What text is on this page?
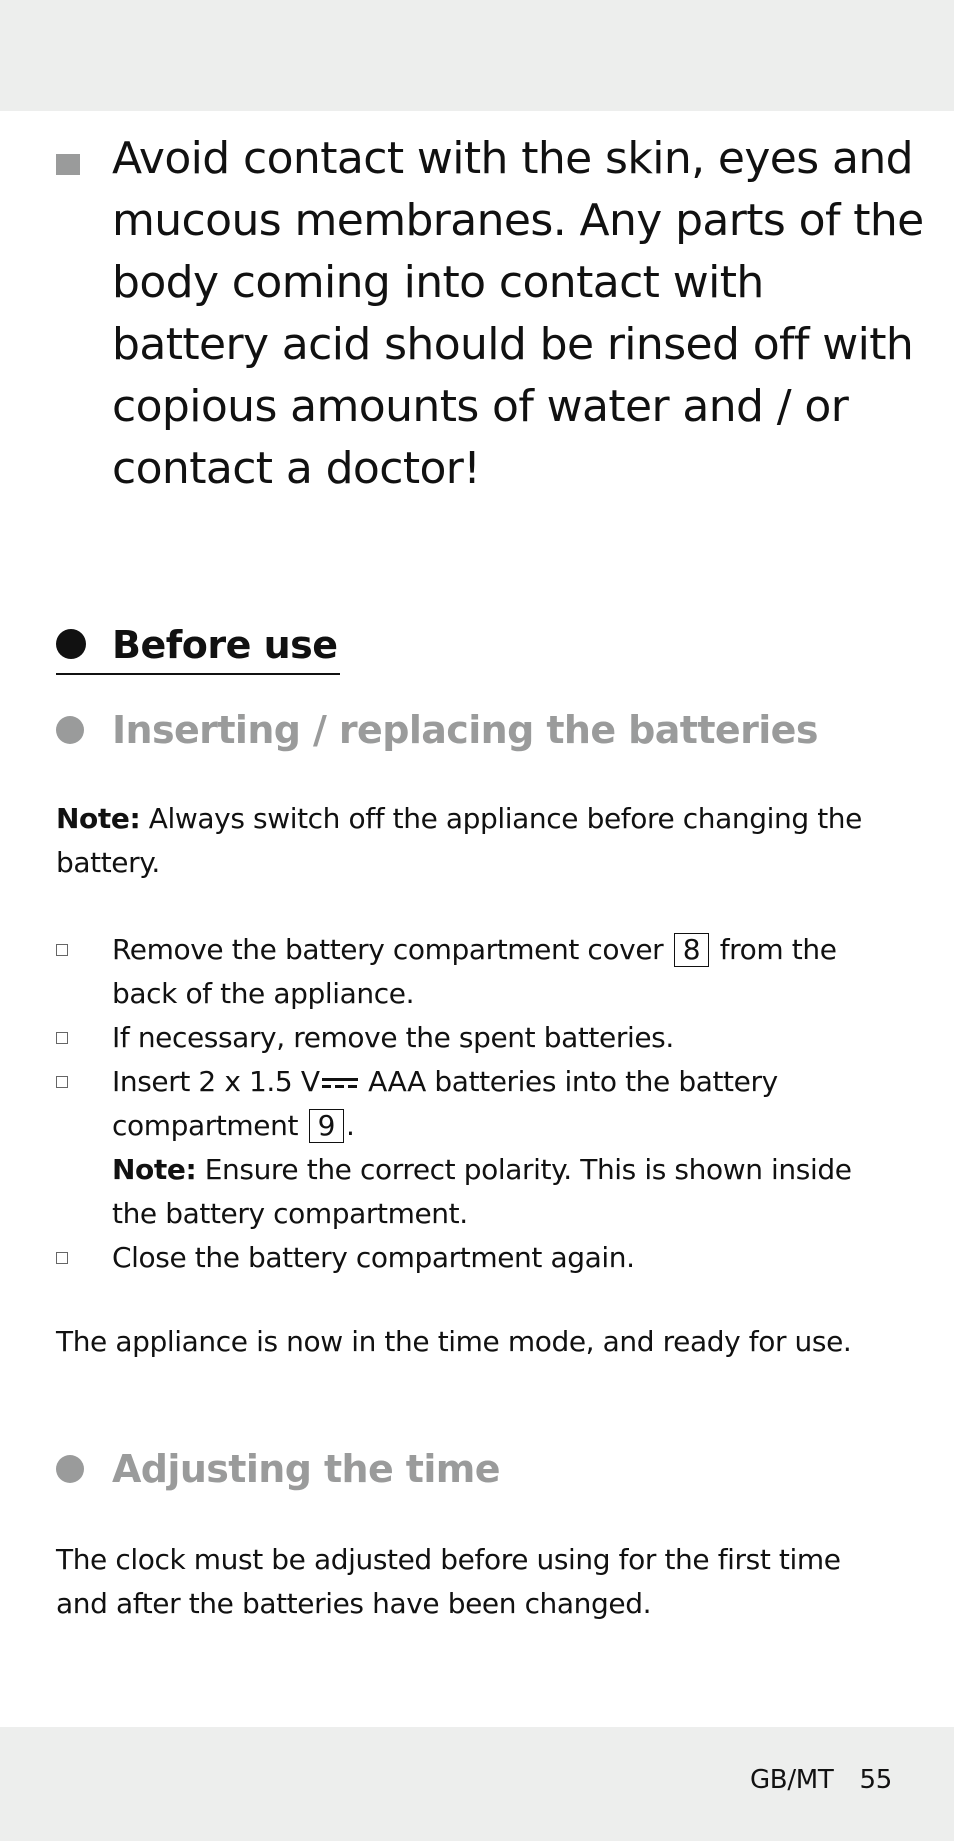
Avoid contact with the skin, eyes and mucous membranes. Any parts of the body coming into contact with battery acid should be rinsed off with copious amounts of water and / or contact a doctor!
Before use
Inserting / replacing the batteries
Note: Always switch off the appliance before changing the battery.
Remove the battery compartment cover 8 from the back of the appliance.
If necessary, remove the spent batteries.
Insert 2 x 1.5 V AAA batteries into the battery compartment 9 .
Note: Ensure the correct polarity. This is shown inside the battery compartment.
Close the battery compartment again.
The appliance is now in the time mode, and ready for use.
Adjusting the time
The clock must be adjusted before using for the first time and after the batteries have been changed.
GB/MT 55
